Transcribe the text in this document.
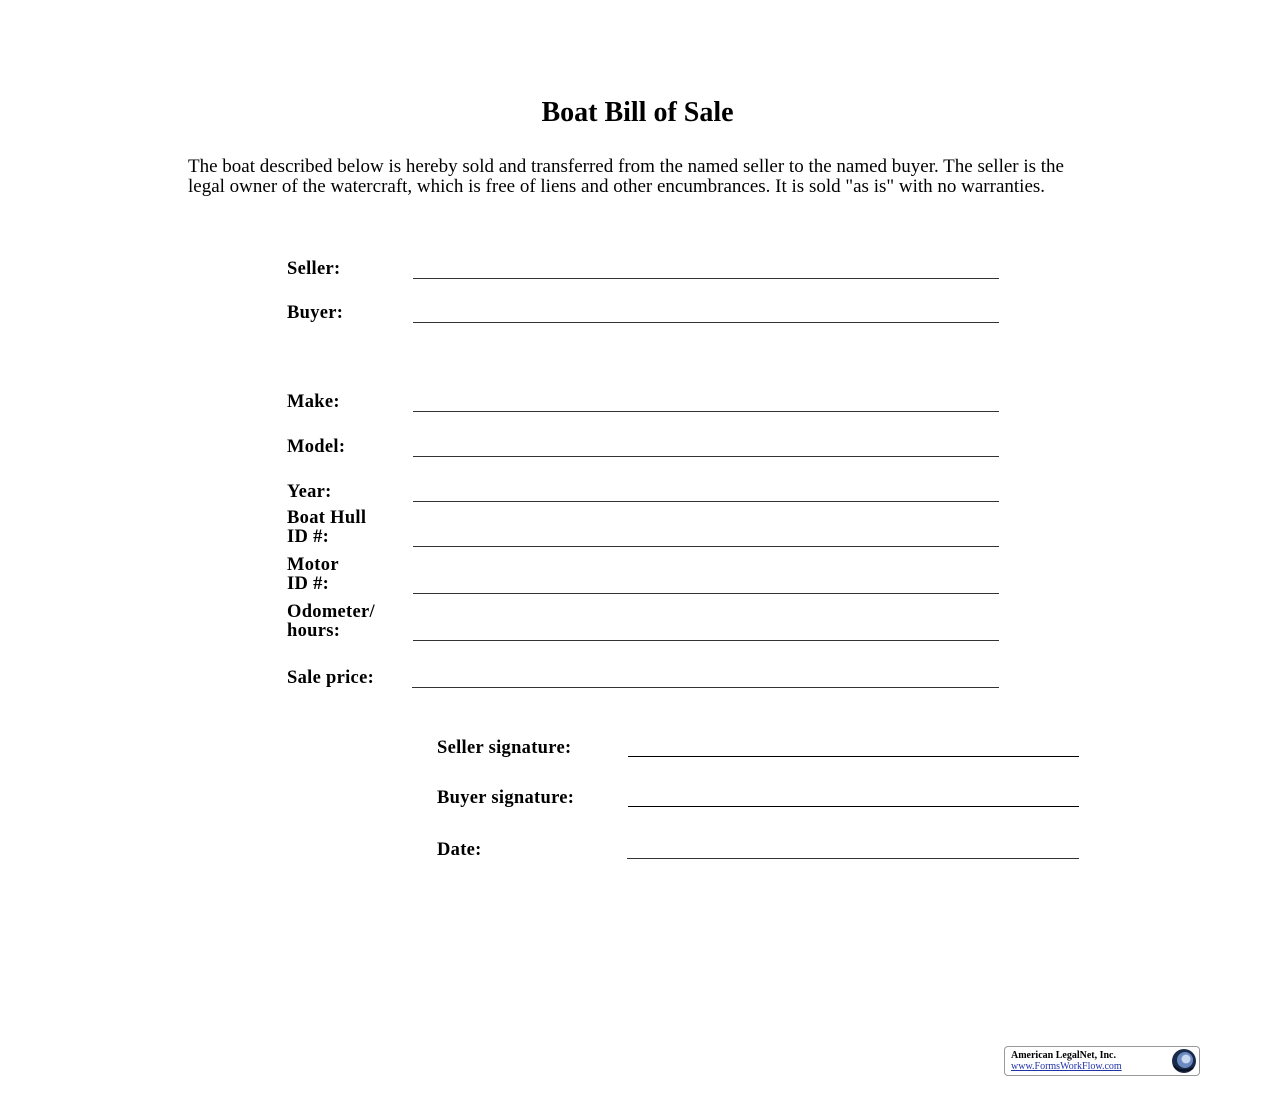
Boat Bill of Sale
The boat described below is hereby sold and transferred from the named seller to the named buyer. The seller is the legal owner of the watercraft, which is free of liens and other encumbrances. It is sold "as is" with no warranties.
Seller:
Buyer:
Make:
Model:
Year:
Boat Hull
ID #:
Motor
ID #:
Odometer/
hours:
Sale price:
Seller signature:
Buyer signature:
Date:
American LegalNet, Inc.
www.FormsWorkFlow.com
